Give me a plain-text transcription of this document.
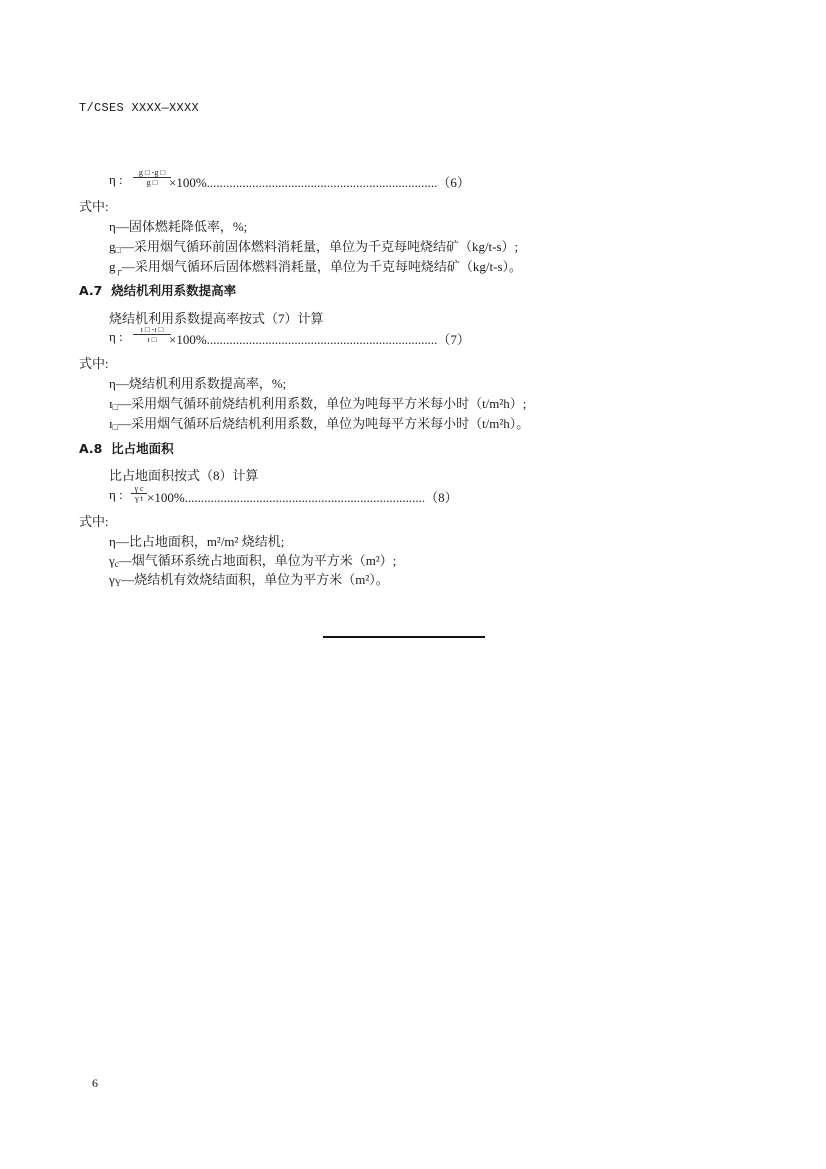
T/CSES XXXX—XXXX
η : $\frac{g □ -g □}{g □}$
×100%.......................................................................（6）
式中:
η—固体燃耗降低率，%;
$g_□—$采用烟气循环前固体燃料消耗量，单位为千克每吨烧结矿（kg/t-s）;
$g_┌—$采用烟气循环后固体燃料消耗量，单位为千克每吨烧结矿（kg/t-s）。
A.7 烧结机利用系数提高率
烧结机利用系数提高率按式（7）计算
η : $\frac{\text{ɪ □ -ɪ □}}{\text{ɪ □}}$
×100%.......................................................................（7）
式中:
η—烧结机利用系数提高率，%;
ɪ$_□$—采用烟气循环前烧结机利用系数，单位为吨每平方米每小时（t/m²h）;
ɪ$_□$—采用烟气循环后烧结机利用系数，单位为吨每平方米每小时（t/m²h）。
A.8 比占地面积
比占地面积按式（8）计算
η : $\frac{\text{γ c}}{\text{γ t}} \times 100\%..........................................................................(8)$
式中:
η—比占地面积，m²/m² 烧结机;
$\gamma_c—$烟气循环系统占地面积，单位为平方米（m²）;
$\gamma_Y—$烧结机有效烧结面积，单位为平方米（m²）。
6
